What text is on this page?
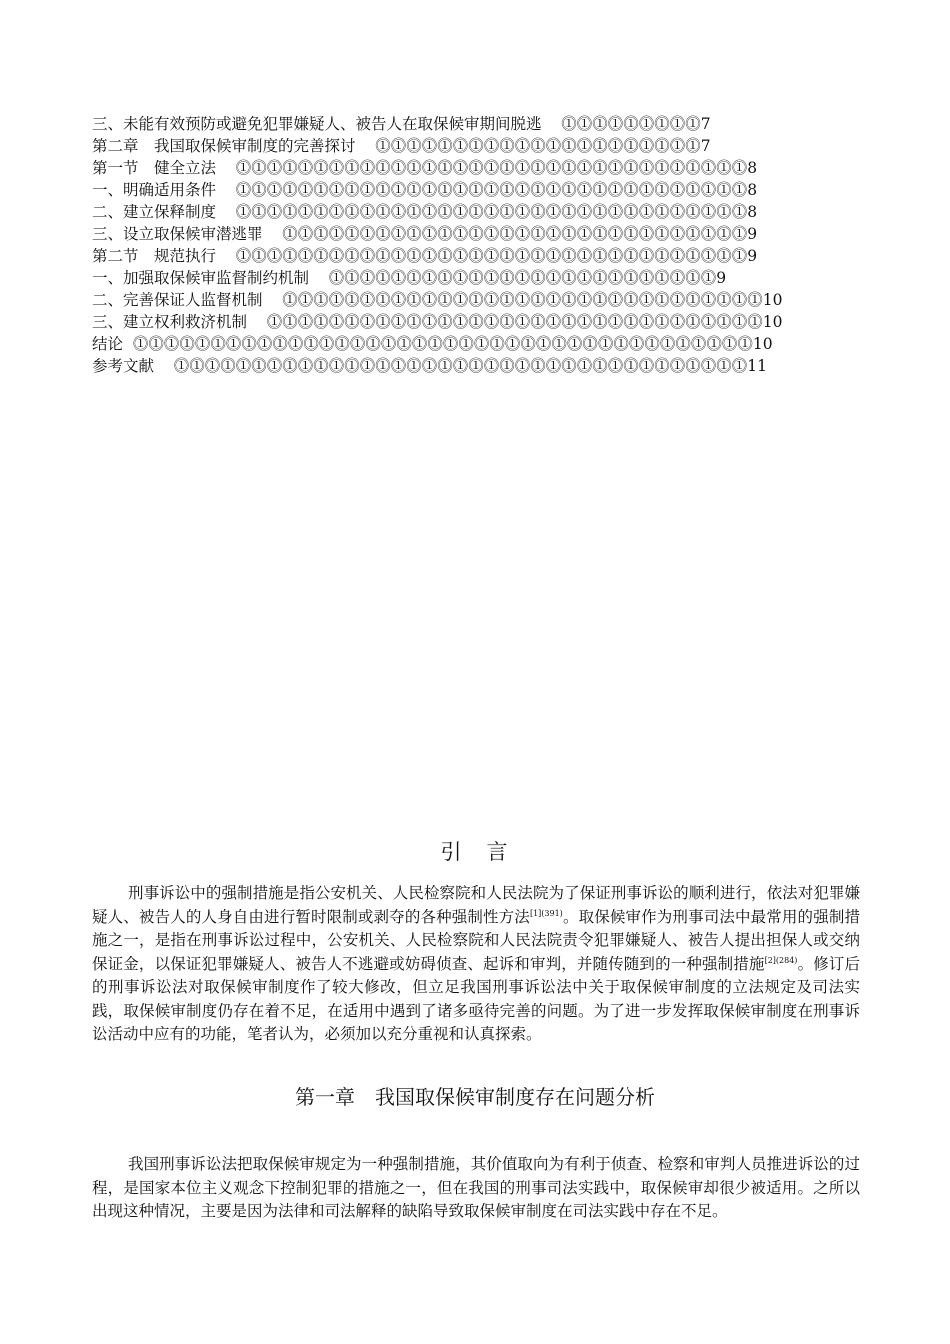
三、未能有效预防或避免犯罪嫌疑人、被告人在取保候审期间脱逃 ⓵⓵⓵⓵⓵⓵⓵⓵⓵7
第二章　我国取保候审制度的完善探讨 ⓵⓵⓵⓵⓵⓵⓵⓵⓵⓵⓵⓵⓵⓵⓵⓵⓵⓵⓵⓵⓵7
第一节　健全立法 ⓵⓵⓵⓵⓵⓵⓵⓵⓵⓵⓵⓵⓵⓵⓵⓵⓵⓵⓵⓵⓵⓵⓵⓵⓵⓵⓵⓵⓵⓵⓵⓵⓵8
一、明确适用条件 ⓵⓵⓵⓵⓵⓵⓵⓵⓵⓵⓵⓵⓵⓵⓵⓵⓵⓵⓵⓵⓵⓵⓵⓵⓵⓵⓵⓵⓵⓵⓵⓵⓵8
二、建立保释制度 ⓵⓵⓵⓵⓵⓵⓵⓵⓵⓵⓵⓵⓵⓵⓵⓵⓵⓵⓵⓵⓵⓵⓵⓵⓵⓵⓵⓵⓵⓵⓵⓵⓵8
三、设立取保候审潜逃罪 ⓵⓵⓵⓵⓵⓵⓵⓵⓵⓵⓵⓵⓵⓵⓵⓵⓵⓵⓵⓵⓵⓵⓵⓵⓵⓵⓵⓵⓵⓵9
第二节　规范执行 ⓵⓵⓵⓵⓵⓵⓵⓵⓵⓵⓵⓵⓵⓵⓵⓵⓵⓵⓵⓵⓵⓵⓵⓵⓵⓵⓵⓵⓵⓵⓵⓵⓵9
一、加强取保候审监督制约机制 ⓵⓵⓵⓵⓵⓵⓵⓵⓵⓵⓵⓵⓵⓵⓵⓵⓵⓵⓵⓵⓵⓵⓵⓵⓵9
二、完善保证人监督机制 ⓵⓵⓵⓵⓵⓵⓵⓵⓵⓵⓵⓵⓵⓵⓵⓵⓵⓵⓵⓵⓵⓵⓵⓵⓵⓵⓵⓵⓵⓵⓵10
三、建立权利救济机制 ⓵⓵⓵⓵⓵⓵⓵⓵⓵⓵⓵⓵⓵⓵⓵⓵⓵⓵⓵⓵⓵⓵⓵⓵⓵⓵⓵⓵⓵⓵⓵⓵10
结论 ⓵⓵⓵⓵⓵⓵⓵⓵⓵⓵⓵⓵⓵⓵⓵⓵⓵⓵⓵⓵⓵⓵⓵⓵⓵⓵⓵⓵⓵⓵⓵⓵⓵⓵⓵⓵⓵⓵⓵⓵10
参考文献 ⓵⓵⓵⓵⓵⓵⓵⓵⓵⓵⓵⓵⓵⓵⓵⓵⓵⓵⓵⓵⓵⓵⓵⓵⓵⓵⓵⓵⓵⓵⓵⓵⓵⓵⓵⓵⓵11
引　言

刑事诉讼中的强制措施是指公安机关、人民检察院和人民法院为了保证刑事诉讼的顺利进行，依法对犯罪嫌疑人、被告人的人身自由进行暂时限制或剥夺的各种强制性方法$^{[1](391)}$。取保候审作为刑事司法中最常用的强制措施之一，是指在刑事诉讼过程中，公安机关、人民检察院和人民法院责令犯罪嫌疑人、被告人提出担保人或交纳保证金，以保证犯罪嫌疑人、被告人不逃避或妨碍侦查、起诉和审判，并随传随到的一种强制措施$^{[2](284)}$。修订后的刑事诉讼法对取保候审制度作了较大修改，但立足我国刑事诉讼法中关于取保候审制度的立法规定及司法实践，取保候审制度仍存在着不足，在适用中遇到了诸多亟待完善的问题。为了进一步发挥取保候审制度在刑事诉讼活动中应有的功能，笔者认为，必须加以充分重视和认真探索。

第一章　我国取保候审制度存在问题分析

我国刑事诉讼法把取保候审规定为一种强制措施，其价值取向为有利于侦查、检察和审判人员推进诉讼的过程，是国家本位主义观念下控制犯罪的措施之一，但在我国的刑事司法实践中，取保候审却很少被适用。之所以出现这种情况，主要是因为法律和司法解释的缺陷导致取保候审制度在司法实践中存在不足。
